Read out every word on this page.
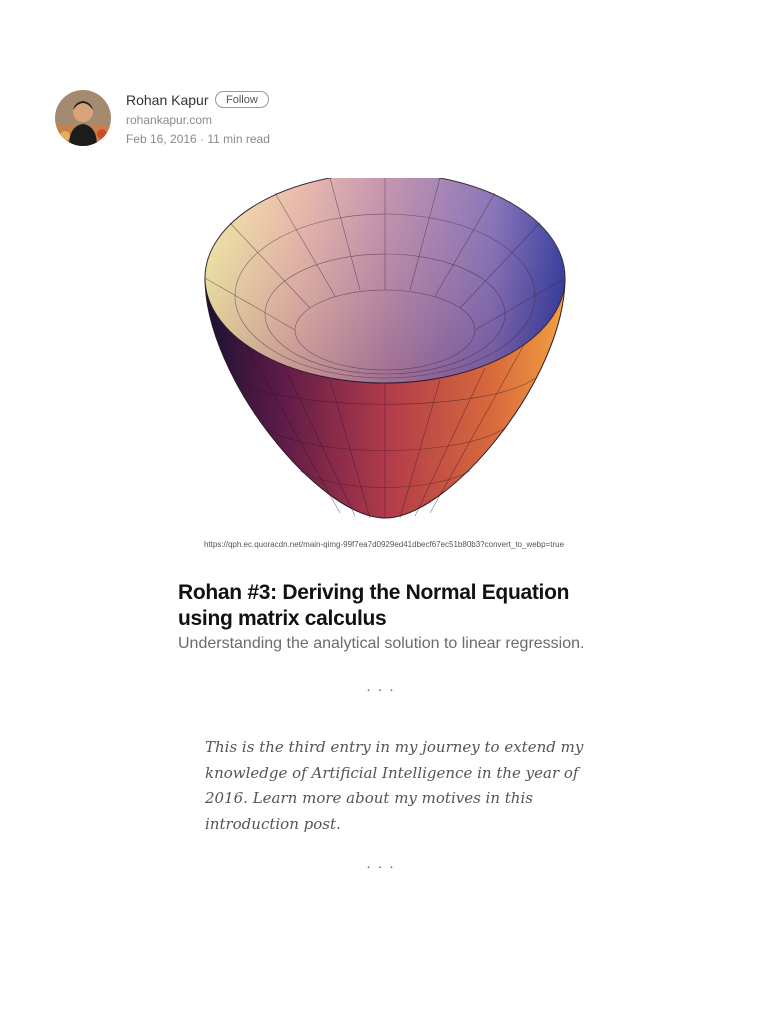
Rohan Kapur	Follow
rohankapur.com
Feb 16, 2016 · 11 min read
https://qph.ec.quoracdn.net/main-qimg-99f7ea7d0929ed41dbecf67ec51b80b3?convert_to_webp=true
Rohan #3: Deriving the Normal Equation using matrix calculus

Understanding the analytical solution to linear regression.

...

This is the third entry in my journey to extend my knowledge of Artificial Intelligence in the year of 2016. Learn more about my motives in this introduction post.

...
